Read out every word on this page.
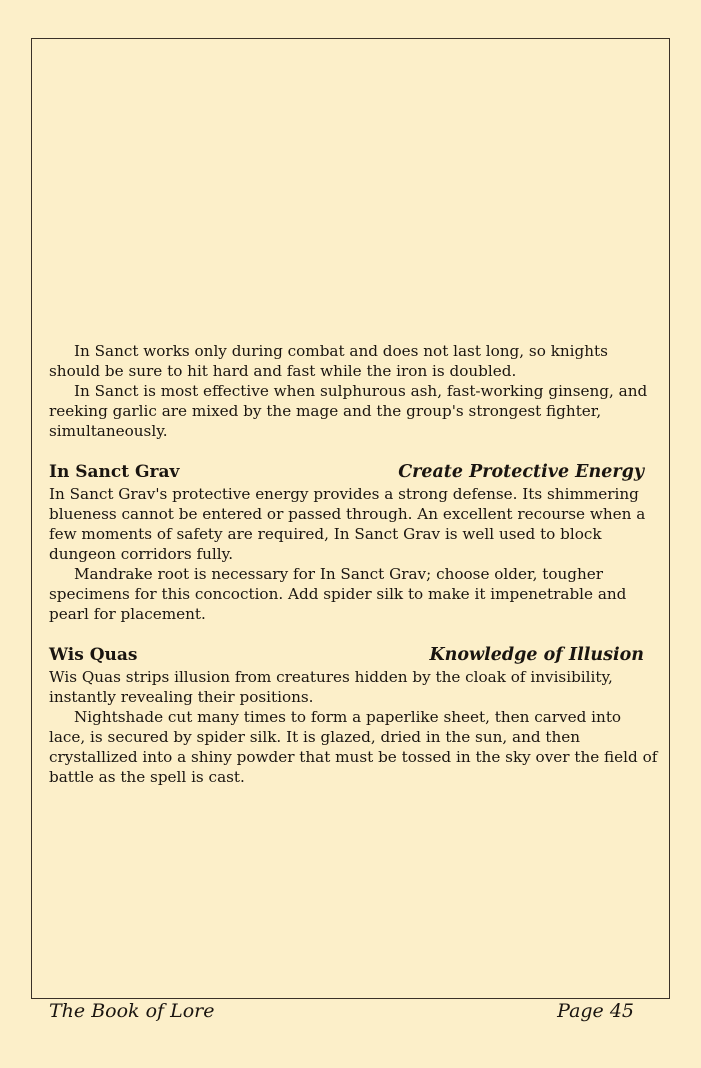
In Sanct works only during combat and does not last long, so knights should be sure to hit hard and fast while the iron is doubled.

In Sanct is most effective when sulphurous ash, fast-working ginseng, and reeking garlic are mixed by the mage and the group's strongest fighter, simultaneously.

In Sanct Grav	Create Protective Energy

In Sanct Grav's protective energy provides a strong defense. Its shimmering blueness cannot be entered or passed through. An excellent recourse when a few moments of safety are required, In Sanct Grav is well used to block dungeon corridors fully.

Mandrake root is necessary for In Sanct Grav; choose older, tougher specimens for this concoction. Add spider silk to make it impenetrable and pearl for placement.

Wis Quas	Knowledge of Illusion

Wis Quas strips illusion from creatures hidden by the cloak of invisibility, instantly revealing their positions.

Nightshade cut many times to form a paperlike sheet, then carved into lace, is secured by spider silk. It is glazed, dried in the sun, and then crystallized into a shiny powder that must be tossed in the sky over the field of battle as the spell is cast.

The Book of Lore	Page 45
